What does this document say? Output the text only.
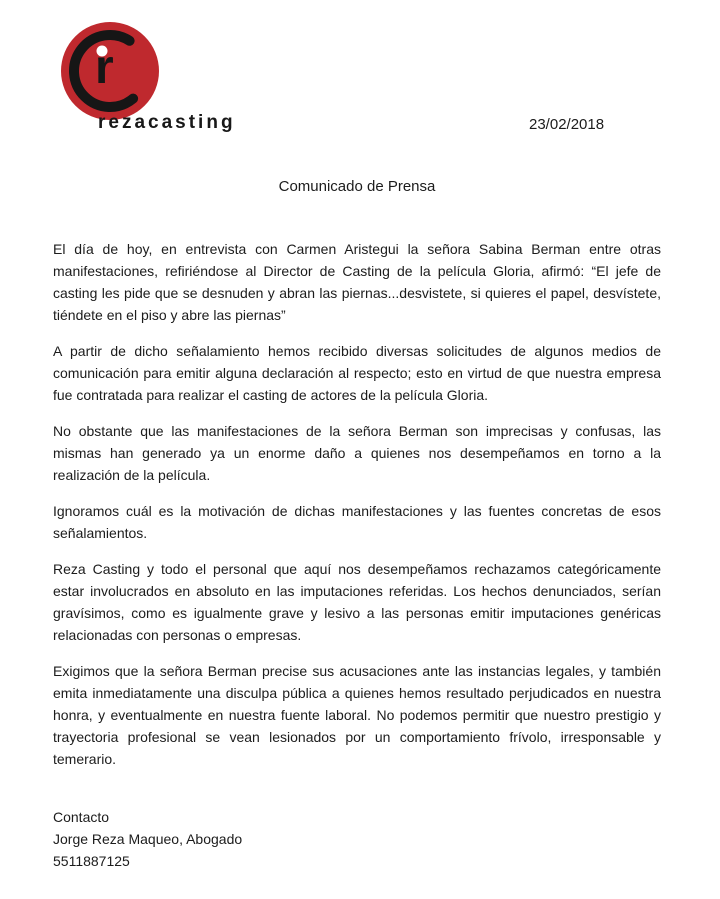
r
rezacasting	23/02/2018
Comunicado de Prensa

El día de hoy, en entrevista con Carmen Aristegui la señora Sabina Berman entre otras manifestaciones, refiriéndose al Director de Casting de la película Gloria, afirmó: “El jefe de casting les pide que se desnuden y abran las piernas...desvistete, si quieres el papel, desvístete, tiéndete en el piso y abre las piernas”

A partir de dicho señalamiento hemos recibido diversas solicitudes de algunos medios de comunicación para emitir alguna declaración al respecto; esto en virtud de que nuestra empresa fue contratada para realizar el casting de actores de la película Gloria.

No obstante que las manifestaciones de la señora Berman son imprecisas y confusas, las mismas han generado ya un enorme daño a quienes nos desempeñamos en torno a la realización de la película.

Ignoramos cuál es la motivación de dichas manifestaciones y las fuentes concretas de esos señalamientos.

Reza Casting y todo el personal que aquí nos desempeñamos rechazamos categóricamente estar involucrados en absoluto en las imputaciones referidas. Los hechos denunciados, serían gravísimos, como es igualmente grave y lesivo a las personas emitir imputaciones genéricas relacionadas con personas o empresas.

Exigimos que la señora Berman precise sus acusaciones ante las instancias legales, y también emita inmediatamente una disculpa pública a quienes hemos resultado perjudicados en nuestra honra, y eventualmente en nuestra fuente laboral. No podemos permitir que nuestro prestigio y trayectoria profesional se vean lesionados por un comportamiento frívolo, irresponsable y temerario.

Contacto
Jorge Reza Maqueo, Abogado
5511887125
